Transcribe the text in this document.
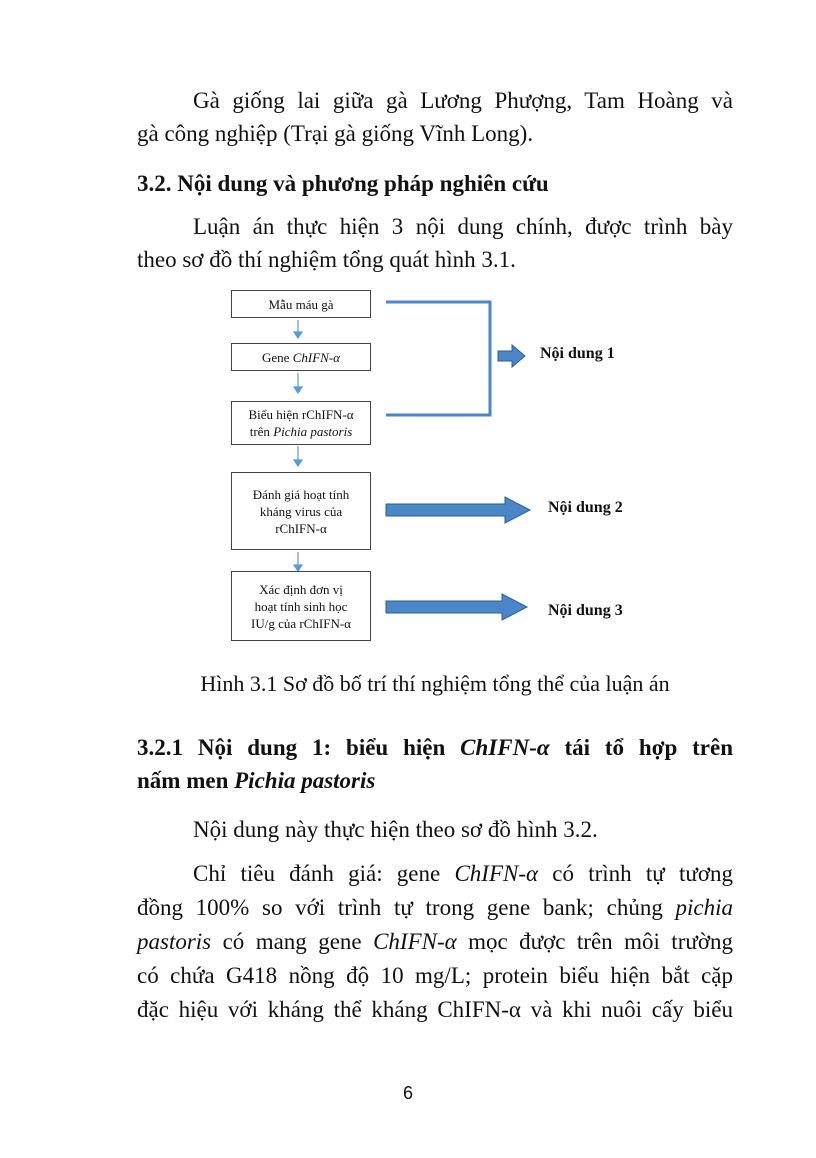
Gà giống lai giữa gà Lương Phượng, Tam Hoàng và

gà công nghiệp (Trại gà giống Vĩnh Long).

3.2. Nội dung và phương pháp nghiên cứu

Luận án thực hiện 3 nội dung chính, được trình bày

theo sơ đồ thí nghiệm tổng quát hình 3.1.

Mẫu máu gà
Gene ChIFN-α
Biểu hiện rChIFN-α
trên Pichia pastoris
Đánh giá hoạt tính
kháng virus của
rChIFN-α
Xác định đơn vị
hoạt tính sinh học
IU/g của rChIFN-α
Nội dung 1
Nội dung 2
Nội dung 3
Hình 3.1 Sơ đồ bố trí thí nghiệm tổng thể của luận án

3.2.1 Nội dung 1: biểu hiện ChIFN-α tái tổ hợp trên

nấm men Pichia pastoris

Nội dung này thực hiện theo sơ đồ hình 3.2.

Chỉ tiêu đánh giá: gene ChIFN-α có trình tự tương

đồng 100% so với trình tự trong gene bank; chủng pichia

pastoris có mang gene ChIFN-α mọc được trên môi trường

có chứa G418 nồng độ 10 mg/L; protein biểu hiện bắt cặp

đặc hiệu với kháng thể kháng ChIFN-α và khi nuôi cấy biểu

6
